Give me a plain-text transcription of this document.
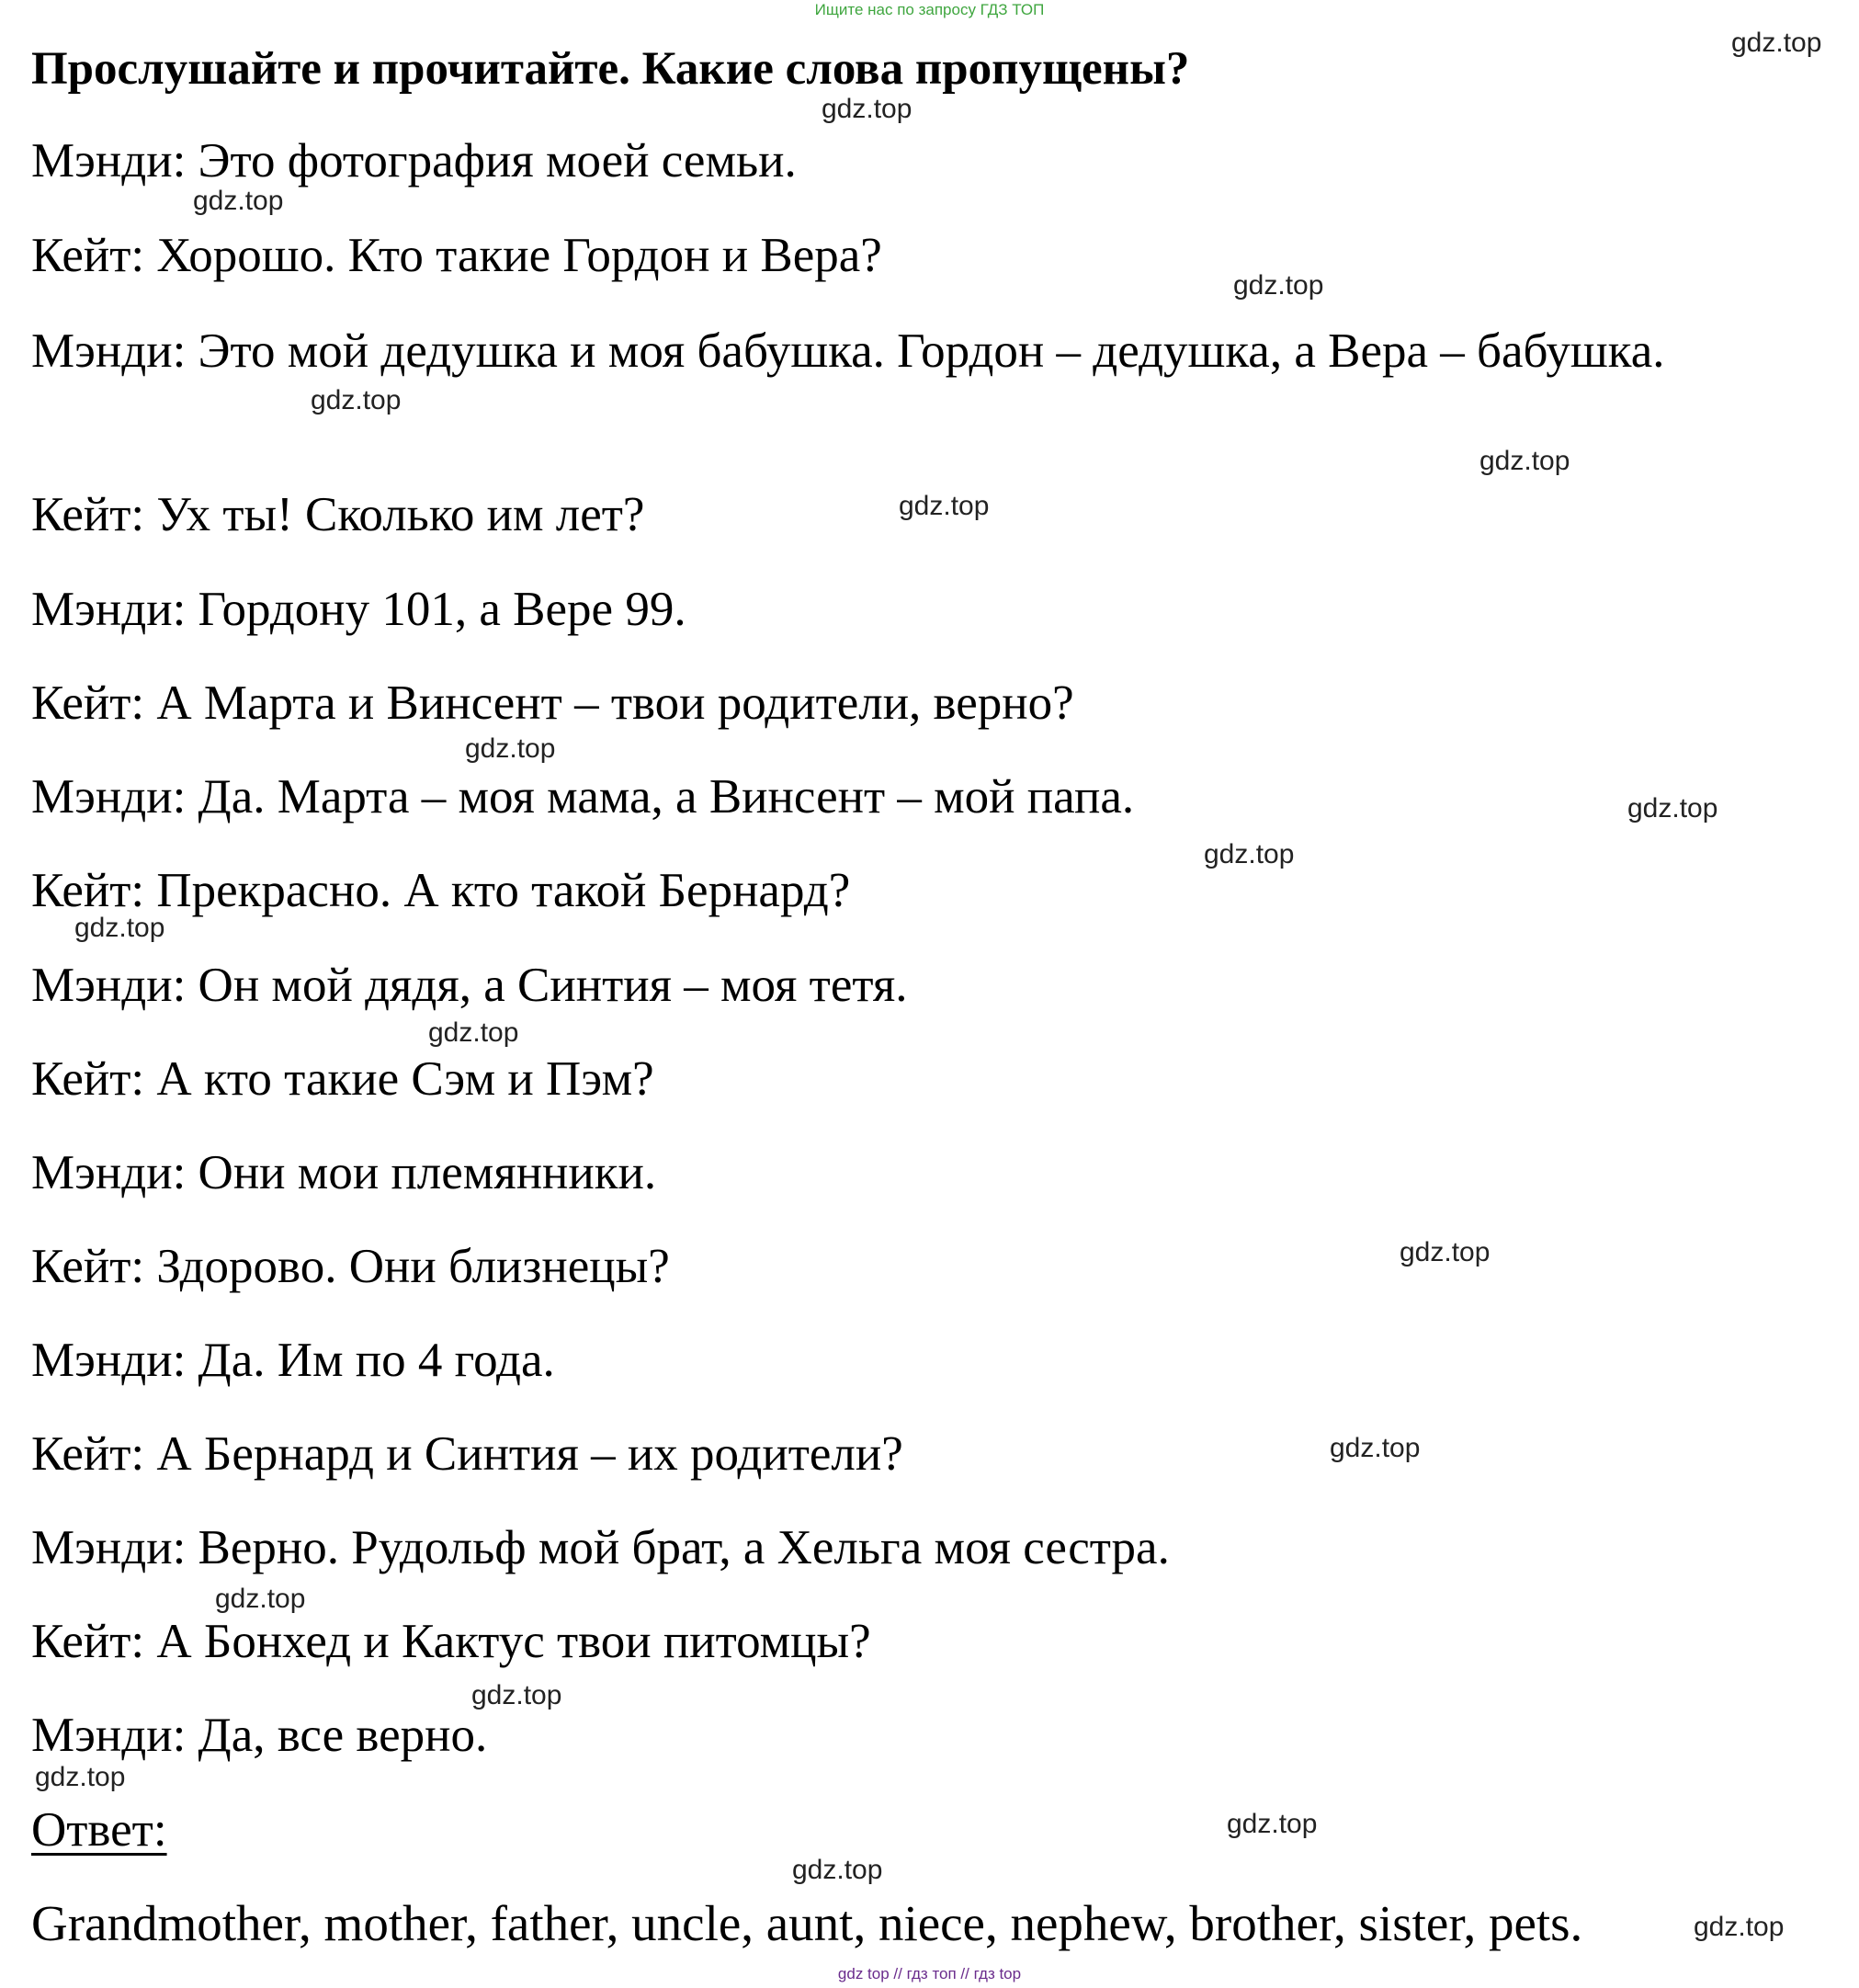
Ищите нас по запросу ГДЗ ТОП
Прослушайте и прочитайте. Какие слова пропущены?
Мэнди: Это фотография моей семьи.
Кейт: Хорошо. Кто такие Гордон и Вера?
Мэнди: Это мой дедушка и моя бабушка. Гордон – дедушка, а Вера – бабушка.
Кейт: Ух ты! Сколько им лет?
Мэнди: Гордону 101, а Вере 99.
Кейт: А Марта и Винсент – твои родители, верно?
Мэнди: Да. Марта – моя мама, а Винсент – мой папа.
Кейт: Прекрасно. А кто такой Бернард?
Мэнди: Он мой дядя, а Синтия – моя тетя.
Кейт: А кто такие Сэм и Пэм?
Мэнди: Они мои племянники.
Кейт: Здорово. Они близнецы?
Мэнди: Да. Им по 4 года.
Кейт: А Бернард и Синтия – их родители?
Мэнди: Верно. Рудольф мой брат, а Хельга моя сестра.
Кейт: А Бонхед и Кактус твои питомцы?
Мэнди: Да, все верно.
Ответ:
Grandmother, mother, father, uncle, aunt, niece, nephew, brother, sister, pets.
gdz.top
gdz.top
gdz.top
gdz.top
gdz.top
gdz.top
gdz.top
gdz.top
gdz.top
gdz.top
gdz.top
gdz.top
gdz.top
gdz.top
gdz.top
gdz.top
gdz.top
gdz.top
gdz.top
gdz.top
gdz top // гдз топ // гдз top
